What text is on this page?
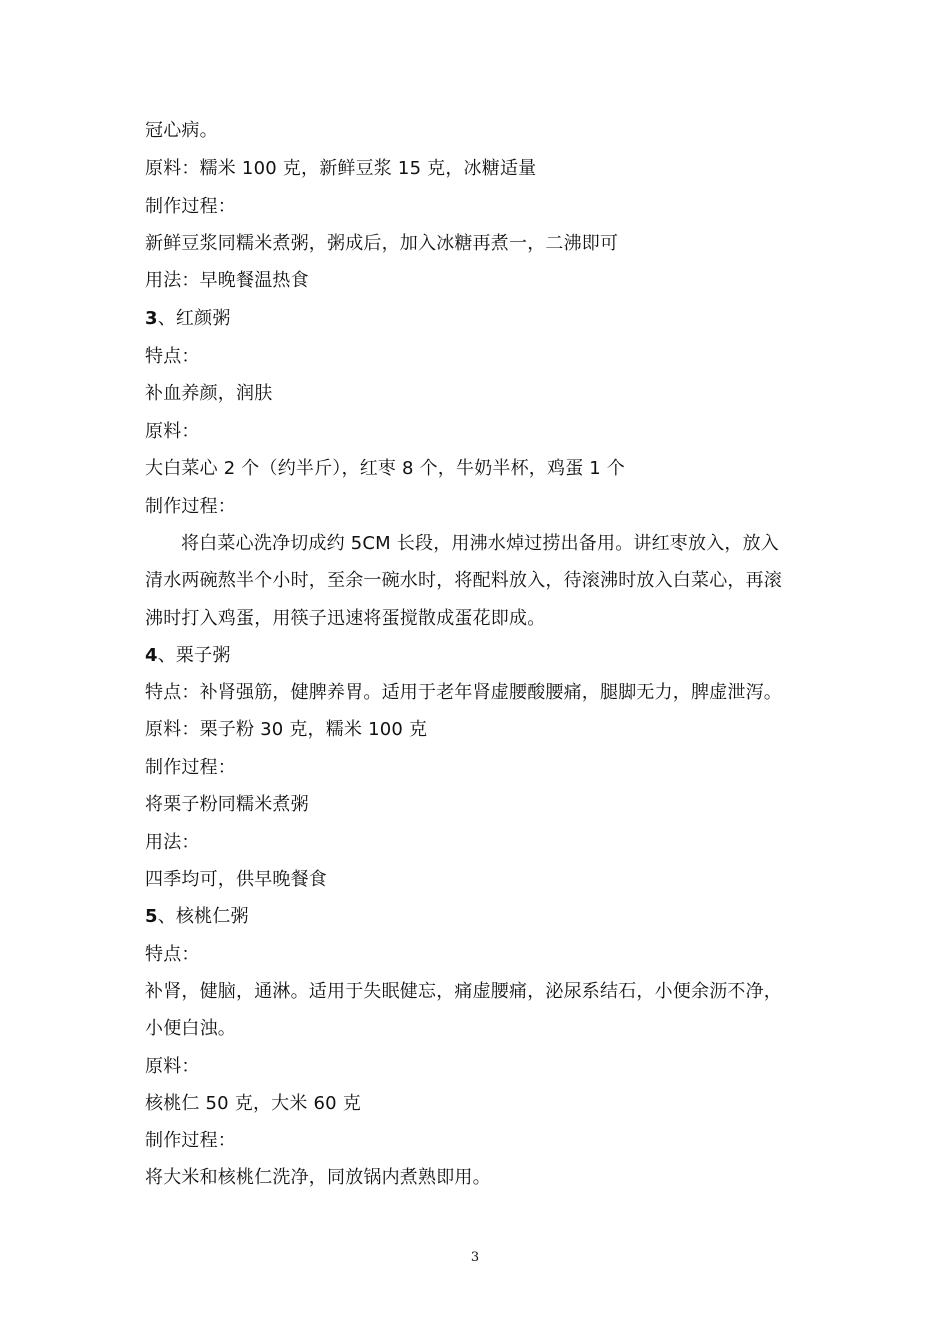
冠心病。
原料：糯米 100 克，新鲜豆浆 15 克，冰糖适量
制作过程：
新鲜豆浆同糯米煮粥，粥成后，加入冰糖再煮一，二沸即可
用法：早晚餐温热食
3、红颜粥
特点：
补血养颜，润肤
原料：
大白菜心 2 个（约半斤），红枣 8 个，牛奶半杯，鸡蛋 1 个
制作过程：
将白菜心洗净切成约 5CM 长段，用沸水焯过捞出备用。讲红枣放入，放入
清水两碗熬半个小时，至余一碗水时，将配料放入，待滚沸时放入白菜心，再滚
沸时打入鸡蛋，用筷子迅速将蛋搅散成蛋花即成。
4、栗子粥
特点：补肾强筋，健脾养胃。适用于老年肾虚腰酸腰痛，腿脚无力，脾虚泄泻。
原料：栗子粉 30 克，糯米 100 克
制作过程：
将栗子粉同糯米煮粥
用法：
四季均可，供早晚餐食
5、核桃仁粥
特点：
补肾，健脑，通淋。适用于失眠健忘，痛虚腰痛，泌尿系结石，小便余沥不净，
小便白浊。
原料：
核桃仁 50 克，大米 60 克
制作过程：
将大米和核桃仁洗净，同放锅内煮熟即用。
3
